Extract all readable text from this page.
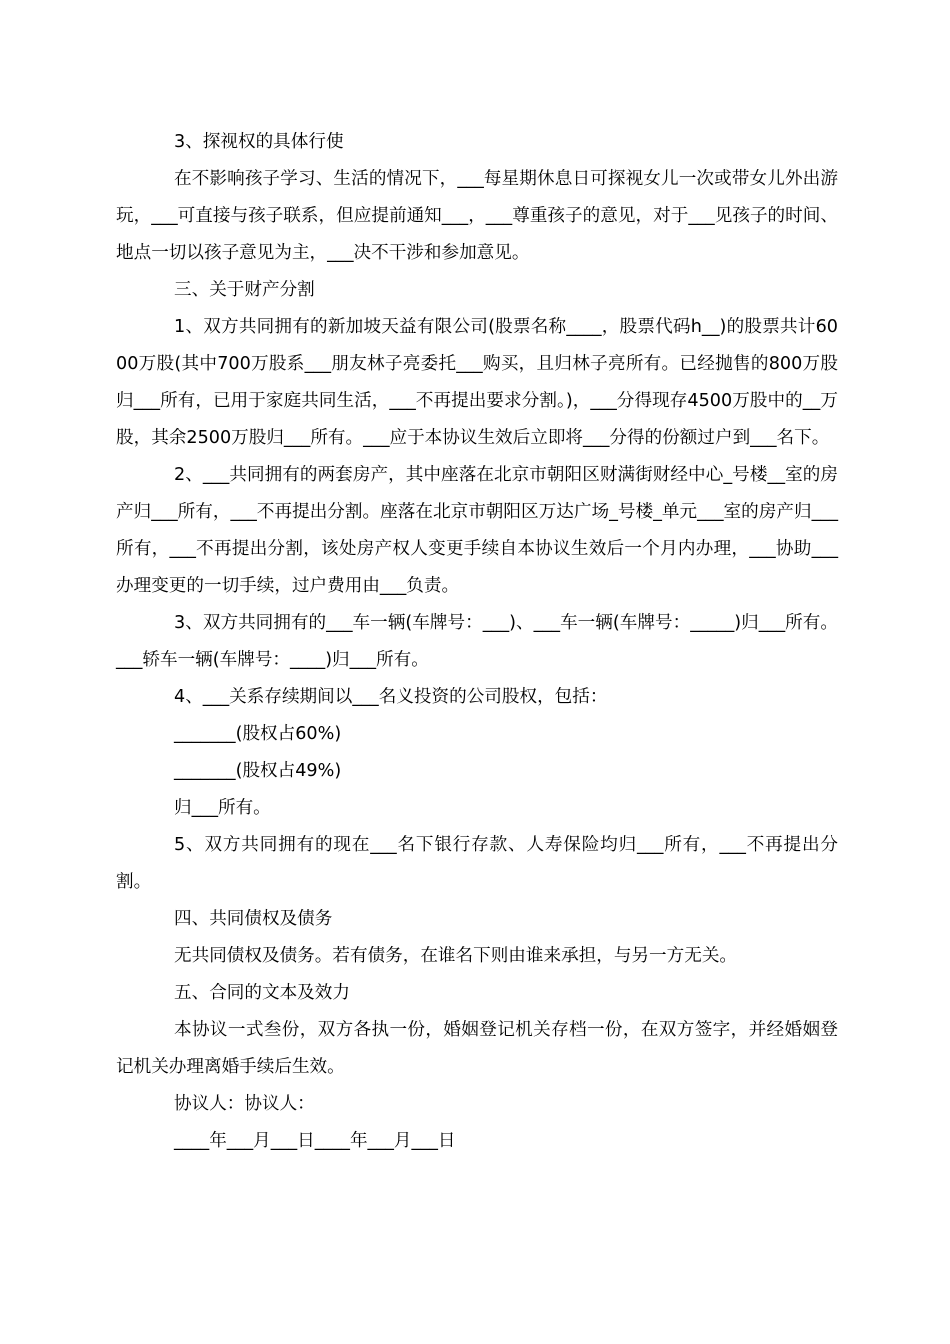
3、探视权的具体行使

在不影响孩子学习、生活的情况下，___每星期休息日可探视女儿一次或带女儿外出游玩，___可直接与孩子联系，但应提前通知___，___尊重孩子的意见，对于___见孩子的时间、地点一切以孩子意见为主，___决不干涉和参加意见。

三、关于财产分割

1、双方共同拥有的新加坡天益有限公司(股票名称____，股票代码h__)的股票共计6000万股(其中700万股系___朋友林子亮委托___购买，且归林子亮所有。已经抛售的800万股归___所有，已用于家庭共同生活，___不再提出要求分割。)，___分得现存4500万股中的__万股，其余2500万股归___所有。___应于本协议生效后立即将___分得的份额过户到___名下。

2、___共同拥有的两套房产，其中座落在北京市朝阳区财满街财经中心_号楼__室的房产归___所有，___不再提出分割。座落在北京市朝阳区万达广场_号楼_单元___室的房产归___所有，___不再提出分割，该处房产权人变更手续自本协议生效后一个月内办理，___协助___办理变更的一切手续，过户费用由___负责。

3、双方共同拥有的___车一辆(车牌号：___)、___车一辆(车牌号：_____)归___所有。___轿车一辆(车牌号：____)归___所有。

4、___关系存续期间以___名义投资的公司股权，包括：

_______(股权占60%)

_______(股权占49%)

归___所有。

5、双方共同拥有的现在___名下银行存款、人寿保险均归___所有，___不再提出分割。

四、共同债权及债务

无共同债权及债务。若有债务，在谁名下则由谁来承担，与另一方无关。

五、合同的文本及效力

本协议一式叁份，双方各执一份，婚姻登记机关存档一份，在双方签字，并经婚姻登记机关办理离婚手续后生效。

协议人：协议人：

____年___月___日____年___月___日
